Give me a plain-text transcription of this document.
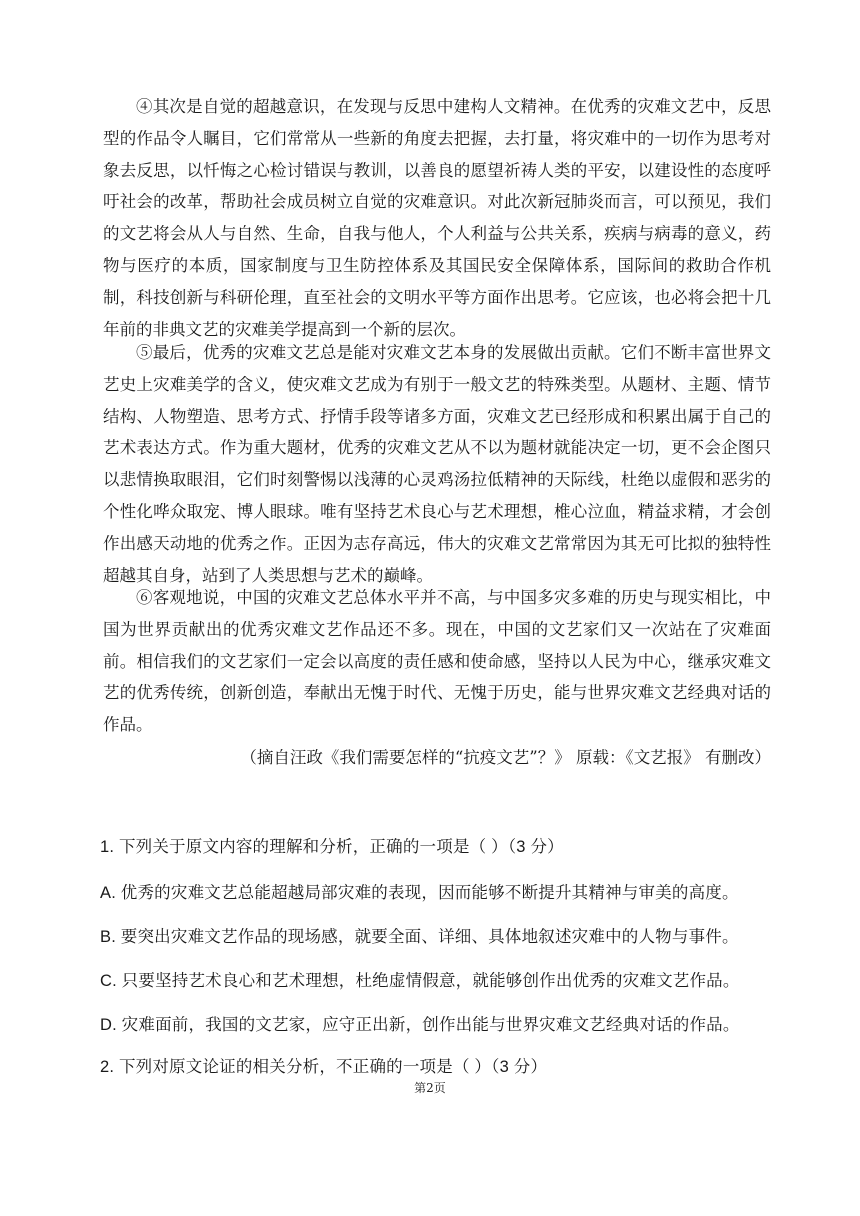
④其次是自觉的超越意识，在发现与反思中建构人文精神。在优秀的灾难文艺中，反思型的作品令人瞩目，它们常常从一些新的角度去把握，去打量，将灾难中的一切作为思考对象去反思，以忏悔之心检讨错误与教训，以善良的愿望祈祷人类的平安，以建设性的态度呼吁社会的改革，帮助社会成员树立自觉的灾难意识。对此次新冠肺炎而言，可以预见，我们的文艺将会从人与自然、生命，自我与他人，个人利益与公共关系，疾病与病毒的意义，药物与医疗的本质，国家制度与卫生防控体系及其国民安全保障体系，国际间的救助合作机制，科技创新与科研伦理，直至社会的文明水平等方面作出思考。它应该，也必将会把十几年前的非典文艺的灾难美学提高到一个新的层次。

⑤最后，优秀的灾难文艺总是能对灾难文艺本身的发展做出贡献。它们不断丰富世界文艺史上灾难美学的含义，使灾难文艺成为有别于一般文艺的特殊类型。从题材、主题、情节结构、人物塑造、思考方式、抒情手段等诸多方面，灾难文艺已经形成和积累出属于自己的艺术表达方式。作为重大题材，优秀的灾难文艺从不以为题材就能决定一切，更不会企图只以悲情换取眼泪，它们时刻警惕以浅薄的心灵鸡汤拉低精神的天际线，杜绝以虚假和恶劣的个性化哗众取宠、博人眼球。唯有坚持艺术良心与艺术理想，椎心泣血，精益求精，才会创作出感天动地的优秀之作。正因为志存高远，伟大的灾难文艺常常因为其无可比拟的独特性超越其自身，站到了人类思想与艺术的巅峰。

⑥客观地说，中国的灾难文艺总体水平并不高，与中国多灾多难的历史与现实相比，中国为世界贡献出的优秀灾难文艺作品还不多。现在，中国的文艺家们又一次站在了灾难面前。相信我们的文艺家们一定会以高度的责任感和使命感，坚持以人民为中心，继承灾难文艺的优秀传统，创新创造，奉献出无愧于时代、无愧于历史，能与世界灾难文艺经典对话的作品。

（摘自汪政《我们需要怎样的“抗疫文艺”？》 原载：《文艺报》 有删改）
1. 下列关于原文内容的理解和分析，正确的一项是（ ）（3 分）
A. 优秀的灾难文艺总能超越局部灾难的表现，因而能够不断提升其精神与审美的高度。
B. 要突出灾难文艺作品的现场感，就要全面、详细、具体地叙述灾难中的人物与事件。
C. 只要坚持艺术良心和艺术理想，杜绝虚情假意，就能够创作出优秀的灾难文艺作品。
D. 灾难面前，我国的文艺家，应守正出新，创作出能与世界灾难文艺经典对话的作品。
2. 下列对原文论证的相关分析，不正确的一项是（ ）（3 分）
第2页
